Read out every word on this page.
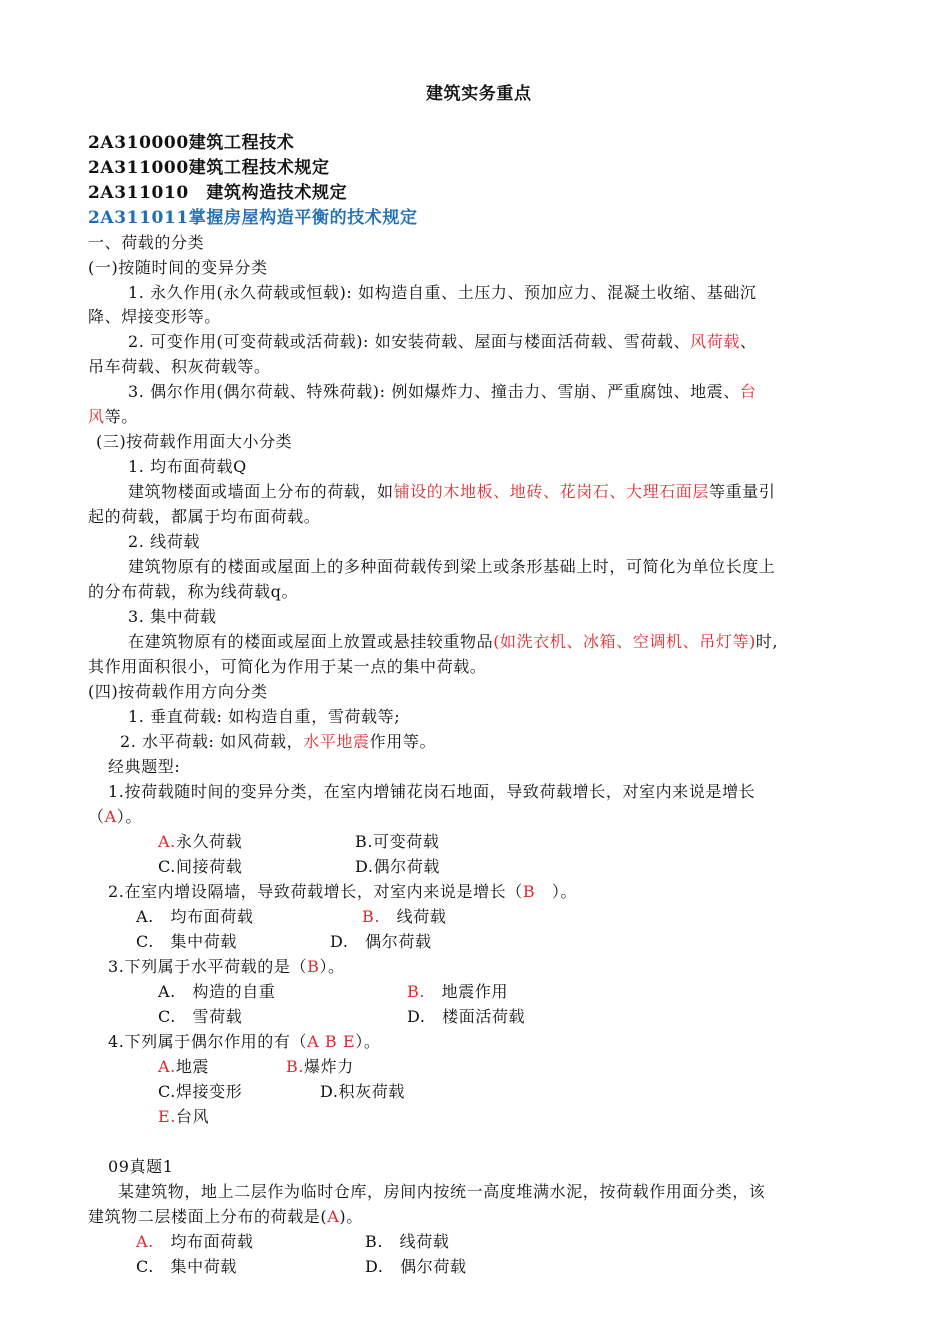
建筑实务重点
2A310000建筑工程技术
2A311000建筑工程技术规定
2A311010　建筑构造技术规定
2A311011掌握房屋构造平衡的技术规定
一、荷载的分类
(一)按随时间的变异分类
1. 永久作用(永久荷载或恒载): 如构造自重、土压力、预加应力、混凝土收缩、基础沉
降、焊接变形等。
2. 可变作用(可变荷载或活荷载): 如安装荷载、屋面与楼面活荷载、雪荷载、风荷载、
吊车荷载、积灰荷载等。
3. 偶尔作用(偶尔荷载、特殊荷载): 例如爆炸力、撞击力、雪崩、严重腐蚀、地震、台
风等。
(三)按荷载作用面大小分类
1. 均布面荷载Q
建筑物楼面或墙面上分布的荷载，如铺设的木地板、地砖、花岗石、大理石面层等重量引
起的荷载，都属于均布面荷载。
2. 线荷载
建筑物原有的楼面或屋面上的多种面荷载传到梁上或条形基础上时，可简化为单位长度上
的分布荷载，称为线荷载q。
3. 集中荷载
在建筑物原有的楼面或屋面上放置或悬挂较重物品(如洗衣机、冰箱、空调机、吊灯等)时,
其作用面积很小，可简化为作用于某一点的集中荷载。
(四)按荷载作用方向分类
1. 垂直荷载: 如构造自重，雪荷载等;
2. 水平荷载: 如风荷载，水平地震作用等。
经典题型:
1.按荷载随时间的变异分类，在室内增铺花岗石地面，导致荷载增长，对室内来说是增长
（A）。
A.永久荷载	B.可变荷载
C.间接荷载	D.偶尔荷载
2.在室内增设隔墙，导致荷载增长，对室内来说是增长（B　）。
A.　均布面荷载	B.　线荷载
C.　集中荷载	D.　偶尔荷载
3.下列属于水平荷载的是（B）。
A.　构造的自重	B.　地震作用
C.　雪荷载	D.　楼面活荷载
4.下列属于偶尔作用的有（A B E）。
A.地震	B.爆炸力
C.焊接变形	D.积灰荷载
E.台风
09真题1
某建筑物，地上二层作为临时仓库，房间内按统一高度堆满水泥，按荷载作用面分类，该
建筑物二层楼面上分布的荷载是(A)。
A.　均布面荷载	B.　线荷载
C.　集中荷载	D.　偶尔荷载
